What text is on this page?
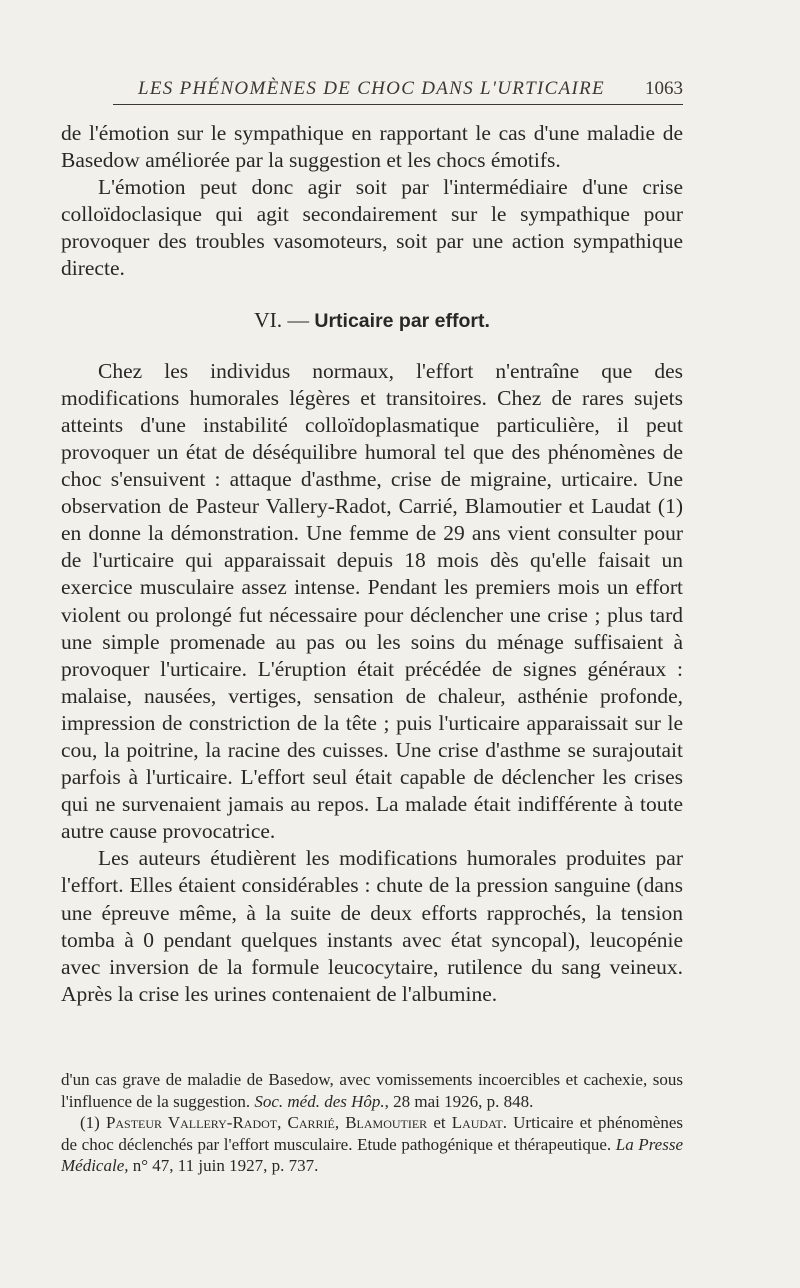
LES PHÉNOMÈNES DE CHOC DANS L'URTICAIRE 1063

de l'émotion sur le sympathique en rapportant le cas d'une maladie de Basedow améliorée par la suggestion et les chocs émotifs.

L'émotion peut donc agir soit par l'intermédiaire d'une crise colloïdoclasique qui agit secondairement sur le sympathique pour provoquer des troubles vasomoteurs, soit par une action sympathique directe.

VI. — Urticaire par effort.

Chez les individus normaux, l'effort n'entraîne que des modifications humorales légères et transitoires. Chez de rares sujets atteints d'une instabilité colloïdoplasmatique particulière, il peut provoquer un état de déséquilibre humoral tel que des phénomènes de choc s'ensuivent : attaque d'asthme, crise de migraine, urticaire. Une observation de Pasteur Vallery-Radot, Carrié, Blamoutier et Laudat (1) en donne la démonstration. Une femme de 29 ans vient consulter pour de l'urticaire qui apparaissait depuis 18 mois dès qu'elle faisait un exercice musculaire assez intense. Pendant les premiers mois un effort violent ou prolongé fut nécessaire pour déclencher une crise ; plus tard une simple promenade au pas ou les soins du ménage suffisaient à provoquer l'urticaire. L'éruption était précédée de signes généraux : malaise, nausées, vertiges, sensation de chaleur, asthénie profonde, impression de constriction de la tête ; puis l'urticaire apparaissait sur le cou, la poitrine, la racine des cuisses. Une crise d'asthme se surajoutait parfois à l'urticaire. L'effort seul était capable de déclencher les crises qui ne survenaient jamais au repos. La malade était indifférente à toute autre cause provocatrice.

Les auteurs étudièrent les modifications humorales produites par l'effort. Elles étaient considérables : chute de la pression sanguine (dans une épreuve même, à la suite de deux efforts rapprochés, la tension tomba à 0 pendant quelques instants avec état syncopal), leucopénie avec inversion de la formule leucocytaire, rutilence du sang veineux. Après la crise les urines contenaient de l'albumine.

d'un cas grave de maladie de Basedow, avec vomissements incoercibles et cachexie, sous l'influence de la suggestion. Soc. méd. des Hôp., 28 mai 1926, p. 848.

(1) Pasteur Vallery-Radot, Carrié, Blamoutier et Laudat. Urticaire et phénomènes de choc déclenchés par l'effort musculaire. Etude pathogénique et thérapeutique. La Presse Médicale, n° 47, 11 juin 1927, p. 737.
